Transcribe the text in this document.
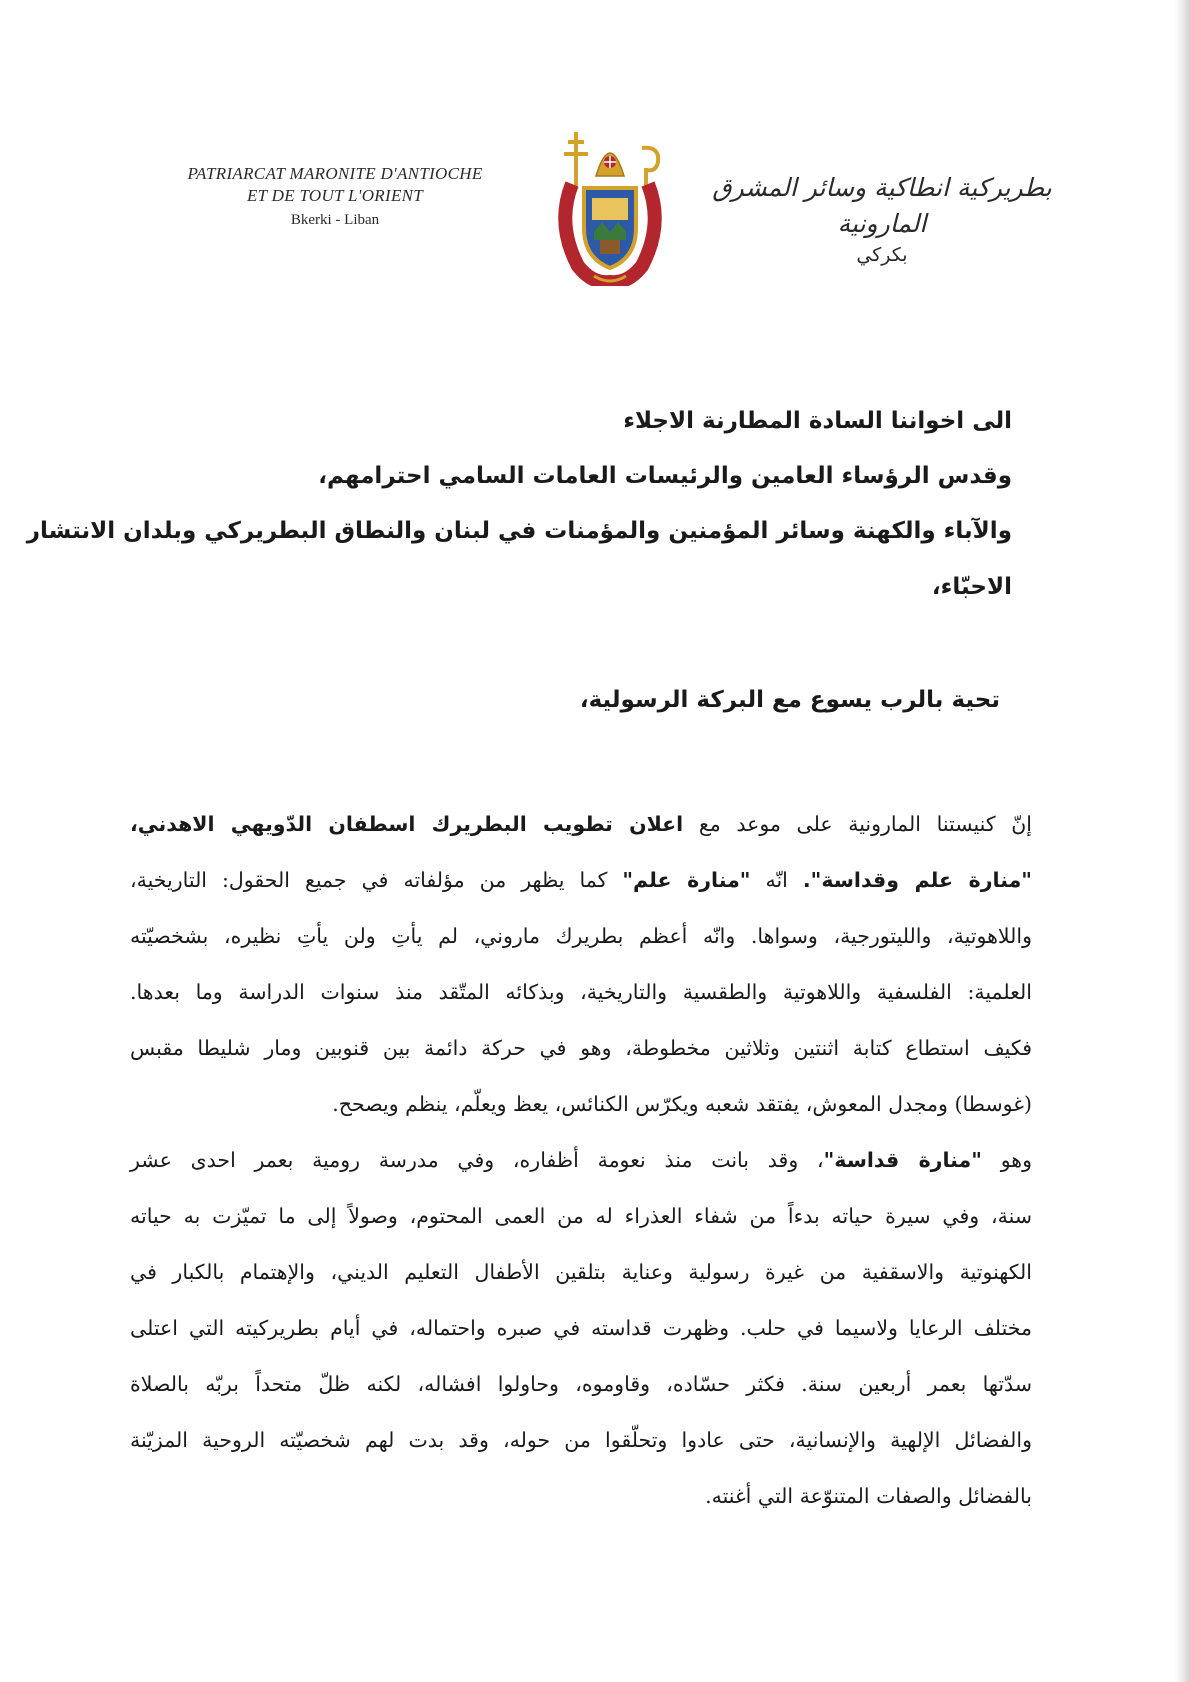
PATRIARCAT MARONITE D'ANTIOCHE
ET DE TOUT L'ORIENT
Bkerki - Liban
بطريركية انطاكية وسائر المشرق المارونية
بكركي
الى اخواننا السادة المطارنة الاجلاء
وقدس الرؤساء العامين والرئيسات العامات السامي احترامهم،
والآباء والكهنة وسائر المؤمنين والمؤمنات في لبنان والنطاق البطريركي وبلدان الانتشار
الاحبّاء،
تحية بالرب يسوع مع البركة الرسولية،
إنّ كنيستنا المارونية على موعد مع اعلان تطويب البطريرك اسطفان الدّويهي الاهدني،
"منارة علم وقداسة". انّه "منارة علم" كما يظهر من مؤلفاته في جميع الحقول: التاريخية،
واللاهوتية، والليتورجية، وسواها. وانّه أعظم بطريرك ماروني، لم يأتِ ولن يأتِ نظيره، بشخصيّته
العلمية: الفلسفية واللاهوتية والطقسية والتاريخية، وبذكائه المتّقد منذ سنوات الدراسة وما بعدها.
فكيف استطاع كتابة اثنتين وثلاثين مخطوطة، وهو في حركة دائمة بين قنوبين ومار شليطا مقبس
(غوسطا) ومجدل المعوش، يفتقد شعبه ويكرّس الكنائس، يعظ ويعلّم، ينظم ويصحح.
وهو "منارة قداسة"، وقد بانت منذ نعومة أظفاره، وفي مدرسة رومية بعمر احدى عشر
سنة، وفي سيرة حياته بدءاً من شفاء العذراء له من العمى المحتوم، وصولاً إلى ما تميّزت به حياته
الكهنوتية والاسقفية من غيرة رسولية وعناية بتلقين الأطفال التعليم الديني، والإهتمام بالكبار في
مختلف الرعايا ولاسيما في حلب. وظهرت قداسته في صبره واحتماله، في أيام بطريركيته التي اعتلى
سدّتها بعمر أربعين سنة. فكثر حسّاده، وقاوموه، وحاولوا افشاله، لكنه ظلّ متحداً بربّه بالصلاة
والفضائل الإلهية والإنسانية، حتى عادوا وتحلّقوا من حوله، وقد بدت لهم شخصيّته الروحية المزيّنة
بالفضائل والصفات المتنوّعة التي أغنته.
